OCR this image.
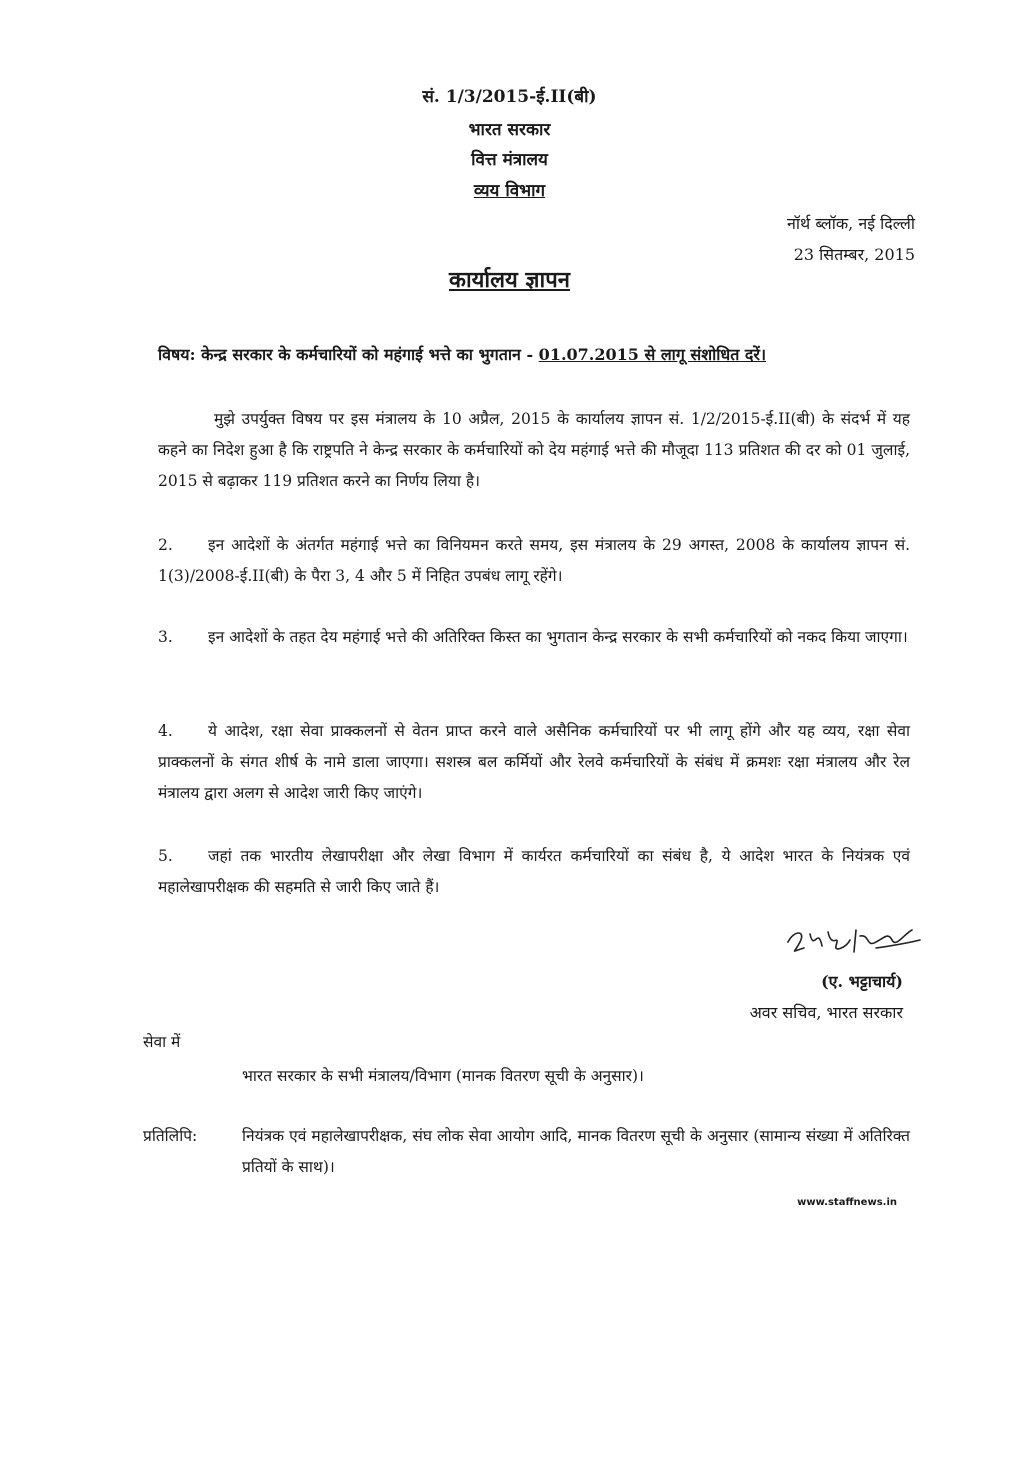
सं. 1/3/2015-ई.II(बी)
भारत सरकार
वित्त मंत्रालय
व्यय विभाग
नॉर्थ ब्लॉक, नई दिल्ली
23 सितम्बर, 2015
कार्यालय ज्ञापन
विषय: केन्द्र सरकार के कर्मचारियों को महंगाई भत्ते का भुगतान - 01.07.2015 से लागू संशोधित दरें।
मुझे उपर्युक्त विषय पर इस मंत्रालय के 10 अप्रैल, 2015 के कार्यालय ज्ञापन सं. 1/2/2015-ई.II(बी) के संदर्भ में यह कहने का निदेश हुआ है कि राष्ट्रपति ने केन्द्र सरकार के कर्मचारियों को देय महंगाई भत्ते की मौजूदा 113 प्रतिशत की दर को 01 जुलाई, 2015 से बढ़ाकर 119 प्रतिशत करने का निर्णय लिया है।
2. इन आदेशों के अंतर्गत महंगाई भत्ते का विनियमन करते समय, इस मंत्रालय के 29 अगस्त, 2008 के कार्यालय ज्ञापन सं. 1(3)/2008-ई.II(बी) के पैरा 3, 4 और 5 में निहित उपबंध लागू रहेंगे।
3. इन आदेशों के तहत देय महंगाई भत्ते की अतिरिक्त किस्त का भुगतान केन्द्र सरकार के सभी कर्मचारियों को नकद किया जाएगा।
4. ये आदेश, रक्षा सेवा प्राक्कलनों से वेतन प्राप्त करने वाले असैनिक कर्मचारियों पर भी लागू होंगे और यह व्यय, रक्षा सेवा प्राक्कलनों के संगत शीर्ष के नामे डाला जाएगा। सशस्त्र बल कर्मियों और रेलवे कर्मचारियों के संबंध में क्रमशः रक्षा मंत्रालय और रेल मंत्रालय द्वारा अलग से आदेश जारी किए जाएंगे।
5. जहां तक भारतीय लेखापरीक्षा और लेखा विभाग में कार्यरत कर्मचारियों का संबंध है, ये आदेश भारत के नियंत्रक एवं महालेखापरीक्षक की सहमति से जारी किए जाते हैं।
(ए. भट्टाचार्य)
अवर सचिव, भारत सरकार
सेवा में
भारत सरकार के सभी मंत्रालय/विभाग (मानक वितरण सूची के अनुसार)।
प्रतिलिपि:	नियंत्रक एवं महालेखापरीक्षक, संघ लोक सेवा आयोग आदि, मानक वितरण सूची के अनुसार (सामान्य संख्या में अतिरिक्त प्रतियों के साथ)।
www.staffnews.in
